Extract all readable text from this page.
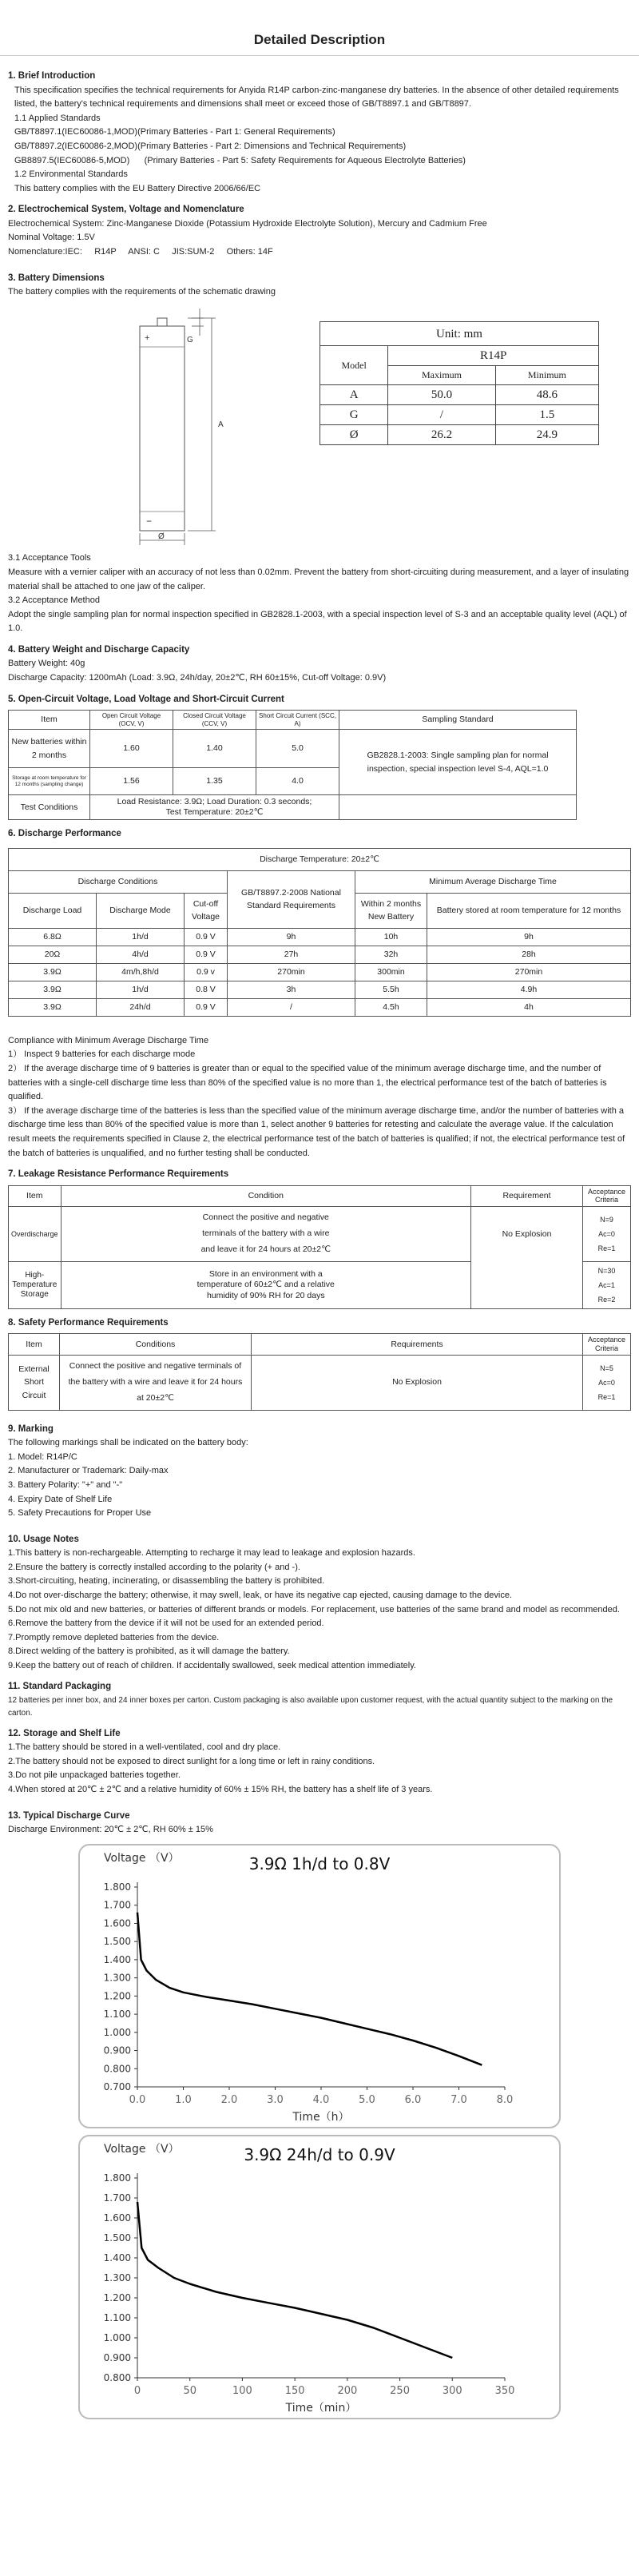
Detailed Description
1. Brief Introduction
This specification specifies the technical requirements for Anyida R14P carbon-zinc-manganese dry batteries. In the absence of other detailed requirements listed, the battery's technical requirements and dimensions shall meet or exceed those of GB/T8897.1 and GB/T8897.
1.1 Applied Standards
GB/T8897.1(IEC60086-1,MOD)(Primary Batteries - Part 1: General Requirements)
GB/T8897.2(IEC60086-2,MOD)(Primary Batteries - Part 2: Dimensions and Technical Requirements)
GB8897.5(IEC60086-5,MOD)      (Primary Batteries - Part 5: Safety Requirements for Aqueous Electrolyte Batteries)
1.2 Environmental Standards
This battery complies with the EU Battery Directive 2006/66/EC
2. Electrochemical System, Voltage and Nomenclature
Electrochemical System: Zinc-Manganese Dioxide (Potassium Hydroxide Electrolyte Solution), Mercury and Cadmium Free
Nominal Voltage: 1.5V
Nomenclature:IEC:     R14P     ANSI: C     JIS:SUM-2     Others: 14F
3. Battery Dimensions
The battery complies with the requirements of the schematic drawing
+
−
G
A
Ø
Unit: mm		
Model	R14P	
	Maximum	Minimum
A	50.0	48.6
G	/	1.5
Ø	26.2	24.9
3.1 Acceptance Tools
Measure with a vernier caliper with an accuracy of not less than 0.02mm. Prevent the battery from short-circuiting during measurement, and a layer of insulating material shall be attached to one jaw of the caliper.
3.2 Acceptance Method
Adopt the single sampling plan for normal inspection specified in GB2828.1-2003, with a special inspection level of S-3 and an acceptable quality level (AQL) of 1.0.
4. Battery Weight and Discharge Capacity
Battery Weight: 40g
Discharge Capacity: 1200mAh (Load: 3.9Ω, 24h/day, 20±2℃, RH 60±15%, Cut-off Voltage: 0.9V)
5. Open-Circuit Voltage, Load Voltage and Short-Circuit Current
Item	Open Circuit Voltage (OCV, V)	Closed Circuit Voltage (CCV, V)	Short Circuit Current (SCC, A)	Sampling Standard
New batteries within 2 months	1.60	1.40	5.0	GB2828.1-2003: Single sampling plan for normal inspection, special inspection level S-4, AQL=1.0
Storage at room temperature for 12 months (sampling change)	1.56	1.35	4.0	
Test Conditions	Load Resistance: 3.9Ω; Load Duration: 0.3 seconds;
Test Temperature: 20±2℃			

6. Discharge Performance
Discharge Temperature: 20±2℃					
Discharge Conditions			GB/T8897.2-2008 National Standard Requirements	Minimum Average Discharge Time	
Discharge Load	Discharge Mode	Cut-off Voltage		Within 2 months New Battery	Battery stored at room temperature for 12 months
6.8Ω	1h/d	0.9 V	9h	10h	9h
20Ω	4h/d	0.9 V	27h	32h	28h
3.9Ω	4m/h,8h/d	0.9 v	270min	300min	270min
3.9Ω	1h/d	0.8 V	3h	5.5h	4.9h
3.9Ω	24h/d	0.9 V	/	4.5h	4h
Compliance with Minimum Average Discharge Time
1） Inspect 9 batteries for each discharge mode
2） If the average discharge time of 9 batteries is greater than or equal to the specified value of the minimum average discharge time, and the number of batteries with a single-cell discharge time less than 80% of the specified value is no more than 1, the electrical performance test of the batch of batteries is qualified.
3） If the average discharge time of the batteries is less than the specified value of the minimum average discharge time, and/or the number of batteries with a discharge time less than 80% of the specified value is more than 1, select another 9 batteries for retesting and calculate the average value. If the calculation result meets the requirements specified in Clause 2, the electrical performance test of the batch of batteries is qualified; if not, the electrical performance test of the batch of batteries is unqualified, and no further testing shall be conducted.
7. Leakage Resistance Performance Requirements
Item	Condition	Requirement	Acceptance Criteria
Overdischarge	Connect the positive and negative terminals of the battery with a wire and leave it for 24 hours at 20±2℃	No Explosion	N=9
Ac=0
Re=1

High-Temperature Storage	Store in an environment with a temperature of 60±2℃ and a relative humidity of 90% RH for 20 days		N=30
Ac=1
Re=2
8. Safety Performance Requirements
Item	Conditions	Requirements	Acceptance Criteria
External Short Circuit	Connect the positive and negative terminals of the battery with a wire and leave it for 24 hours at 20±2℃	No Explosion	N=5
Ac=0
Re=1
9. Marking
The following markings shall be indicated on the battery body:
1. Model: R14P/C
2. Manufacturer or Trademark: Daily-max
3. Battery Polarity: "+" and "-"
4. Expiry Date of Shelf Life
5. Safety Precautions for Proper Use
10. Usage Notes
1.This battery is non-rechargeable. Attempting to recharge it may lead to leakage and explosion hazards.
2.Ensure the battery is correctly installed according to the polarity (+ and -).
3.Short-circuiting, heating, incinerating, or disassembling the battery is prohibited.
4.Do not over-discharge the battery; otherwise, it may swell, leak, or have its negative cap ejected, causing damage to the device.
5.Do not mix old and new batteries, or batteries of different brands or models. For replacement, use batteries of the same brand and model as recommended.
6.Remove the battery from the device if it will not be used for an extended period.
7.Promptly remove depleted batteries from the device.
8.Direct welding of the battery is prohibited, as it will damage the battery.
9.Keep the battery out of reach of children. If accidentally swallowed, seek medical attention immediately.
11. Standard Packaging
12 batteries per inner box, and 24 inner boxes per carton. Custom packaging is also available upon customer request, with the actual quantity subject to the marking on the carton.
12. Storage and Shelf Life
1.The battery should be stored in a well-ventilated, cool and dry place.
2.The battery should not be exposed to direct sunlight for a long time or left in rainy conditions.
3.Do not pile unpackaged batteries together.
4.When stored at 20℃ ± 2℃ and a relative humidity of 60% ± 15% RH, the battery has a shelf life of 3 years.
13. Typical Discharge Curve
Discharge Environment: 20℃ ± 2℃, RH 60% ± 15%
3.9Ω 1h/d to 0.8V
Voltage （V）
Time（h）
0.700
0.800
0.900
1.000
1.100
1.200
1.300
1.400
1.500
1.600
1.700
1.800
0.0	1.0	2.0	3.0	4.0	5.0	6.0	7.0	8.0
3.9Ω 24h/d to 0.9V
Voltage （V）
Time（min）
0.800
0.900
1.000
1.100
1.200
1.300
1.400
1.500
1.600
1.700
1.800
0	50	100	150	200	250	300	350
